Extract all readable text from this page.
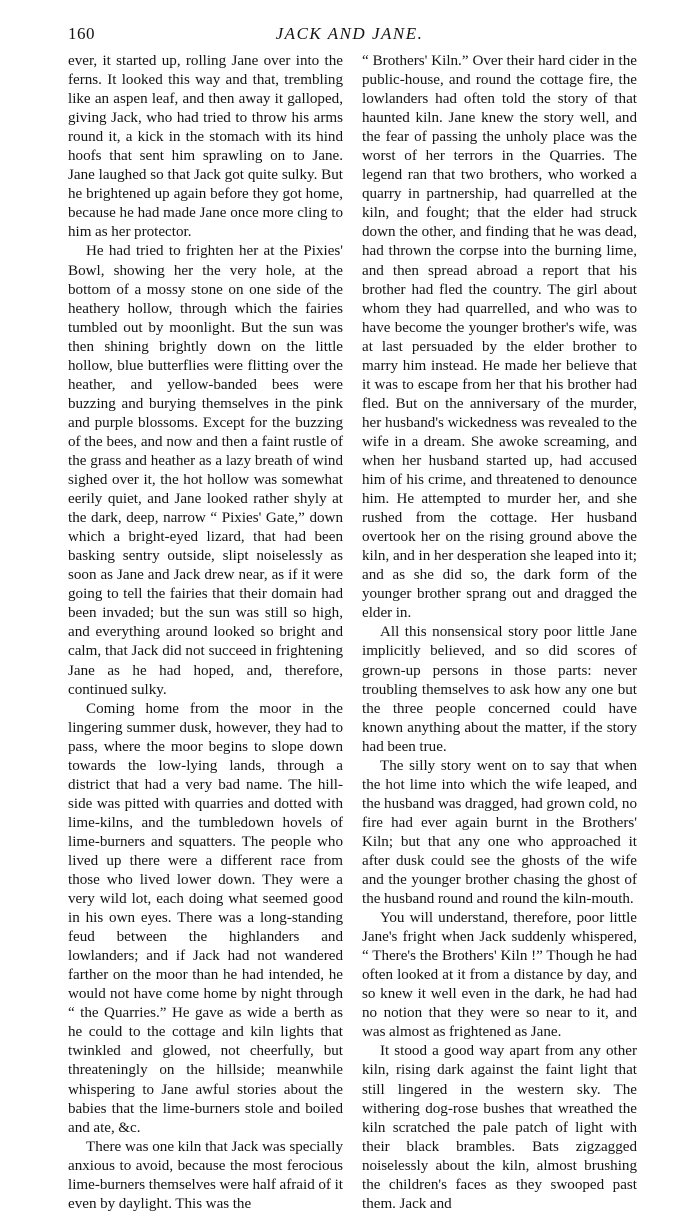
160	JACK AND JANE.

ever, it started up, rolling Jane over into the ferns. It looked this way and that, trembling like an aspen leaf, and then away it galloped, giving Jack, who had tried to throw his arms round it, a kick in the stomach with its hind hoofs that sent him sprawling on to Jane. Jane laughed so that Jack got quite sulky. But he brightened up again before they got home, because he had made Jane once more cling to him as her protector.

He had tried to frighten her at the Pixies' Bowl, showing her the very hole, at the bottom of a mossy stone on one side of the heathery hollow, through which the fairies tumbled out by moonlight. But the sun was then shining brightly down on the little hollow, blue butterflies were flitting over the heather, and yellow-banded bees were buzzing and burying themselves in the pink and purple blossoms. Except for the buzzing of the bees, and now and then a faint rustle of the grass and heather as a lazy breath of wind sighed over it, the hot hollow was somewhat eerily quiet, and Jane looked rather shyly at the dark, deep, narrow “ Pixies' Gate,” down which a bright-eyed lizard, that had been basking sentry outside, slipt noiselessly as soon as Jane and Jack drew near, as if it were going to tell the fairies that their domain had been invaded; but the sun was still so high, and everything around looked so bright and calm, that Jack did not succeed in frightening Jane as he had hoped, and, therefore, continued sulky.

Coming home from the moor in the lingering summer dusk, however, they had to pass, where the moor begins to slope down towards the low-lying lands, through a district that had a very bad name. The hill-side was pitted with quarries and dotted with lime-kilns, and the tumbledown hovels of lime-burners and squatters. The people who lived up there were a different race from those who lived lower down. They were a very wild lot, each doing what seemed good in his own eyes. There was a long-standing feud between the highlanders and lowlanders; and if Jack had not wandered farther on the moor than he had intended, he would not have come home by night through “ the Quarries.” He gave as wide a berth as he could to the cottage and kiln lights that twinkled and glowed, not cheerfully, but threateningly on the hillside; meanwhile whispering to Jane awful stories about the babies that the lime-burners stole and boiled and ate, &c.

There was one kiln that Jack was specially anxious to avoid, because the most ferocious lime-burners themselves were half afraid of it even by daylight. This was the

“ Brothers' Kiln.” Over their hard cider in the public-house, and round the cottage fire, the lowlanders had often told the story of that haunted kiln. Jane knew the story well, and the fear of passing the unholy place was the worst of her terrors in the Quarries. The legend ran that two brothers, who worked a quarry in partnership, had quarrelled at the kiln, and fought; that the elder had struck down the other, and finding that he was dead, had thrown the corpse into the burning lime, and then spread abroad a report that his brother had fled the country. The girl about whom they had quarrelled, and who was to have become the younger brother's wife, was at last persuaded by the elder brother to marry him instead. He made her believe that it was to escape from her that his brother had fled. But on the anniversary of the murder, her husband's wickedness was revealed to the wife in a dream. She awoke screaming, and when her husband started up, had accused him of his crime, and threatened to denounce him. He attempted to murder her, and she rushed from the cottage. Her husband overtook her on the rising ground above the kiln, and in her desperation she leaped into it; and as she did so, the dark form of the younger brother sprang out and dragged the elder in.

All this nonsensical story poor little Jane implicitly believed, and so did scores of grown-up persons in those parts: never troubling themselves to ask how any one but the three people concerned could have known anything about the matter, if the story had been true.

The silly story went on to say that when the hot lime into which the wife leaped, and the husband was dragged, had grown cold, no fire had ever again burnt in the Brothers' Kiln; but that any one who approached it after dusk could see the ghosts of the wife and the younger brother chasing the ghost of the husband round and round the kiln-mouth.

You will understand, therefore, poor little Jane's fright when Jack suddenly whispered, “ There's the Brothers' Kiln !” Though he had often looked at it from a distance by day, and so knew it well even in the dark, he had had no notion that they were so near to it, and was almost as frightened as Jane.

It stood a good way apart from any other kiln, rising dark against the faint light that still lingered in the western sky. The withering dog-rose bushes that wreathed the kiln scratched the pale patch of light with their black brambles. Bats zigzagged noiselessly about the kiln, almost brushing the children's faces as they swooped past them. Jack and
